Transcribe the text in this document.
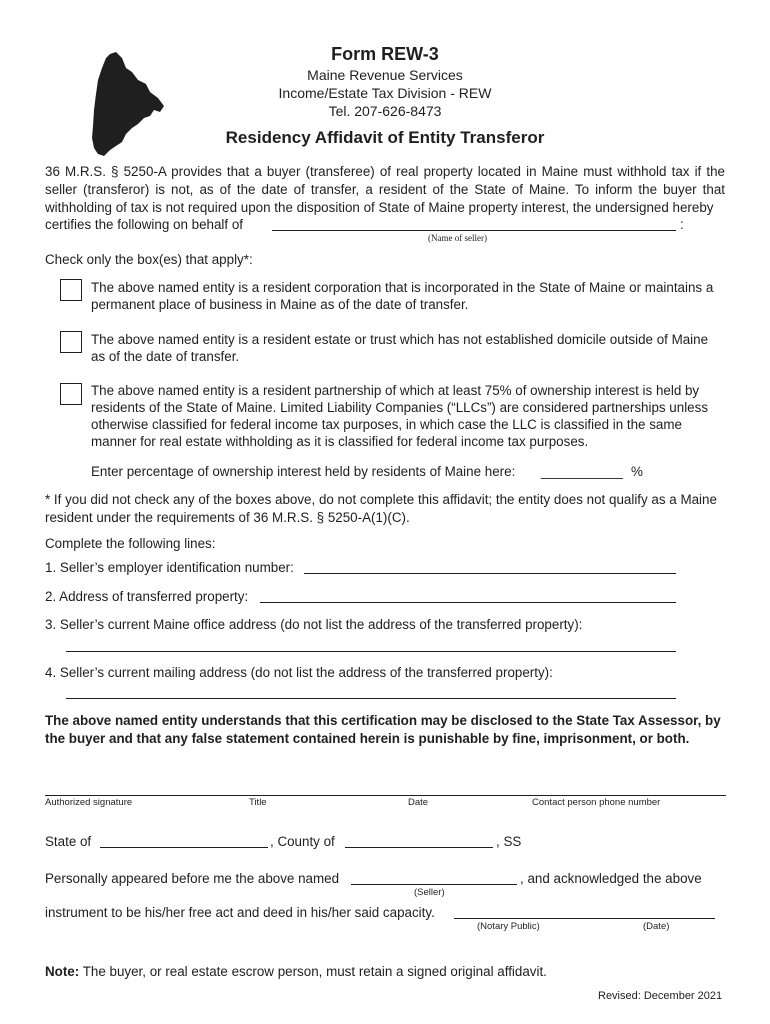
Form REW-3
Maine Revenue Services
Income/Estate Tax Division - REW
Tel. 207-626-8473
Residency Affidavit of Entity Transferor
36 M.R.S. § 5250-A provides that a buyer (transferee) of real property located in Maine must withhold tax if the seller (transferor) is not, as of the date of transfer, a resident of the State of Maine. To inform the buyer that withholding of tax is not required upon the disposition of State of Maine property interest, the undersigned hereby
certifies the following on behalf of	:
(Name of seller)
Check only the box(es) that apply*:
The above named entity is a resident corporation that is incorporated in the State of Maine or maintains a permanent place of business in Maine as of the date of transfer.
The above named entity is a resident estate or trust which has not established domicile outside of Maine as of the date of transfer.
The above named entity is a resident partnership of which at least 75% of ownership interest is held by residents of the State of Maine. Limited Liability Companies (“LLCs”) are considered partnerships unless otherwise classified for federal income tax purposes, in which case the LLC is classified in the same manner for real estate withholding as it is classified for federal income tax purposes.
Enter percentage of ownership interest held by residents of Maine here: ___________ %
* If you did not check any of the boxes above, do not complete this affidavit; the entity does not qualify as a Maine resident under the requirements of 36 M.R.S. § 5250-A(1)(C).
Complete the following lines:
1. Seller’s employer identification number:
2. Address of transferred property:
3. Seller’s current Maine office address (do not list the address of the transferred property):
4. Seller’s current mailing address (do not list the address of the transferred property):
The above named entity understands that this certification may be disclosed to the State Tax Assessor, by the buyer and that any false statement contained herein is punishable by fine, imprisonment, or both.
Authorized signature	Title	Date	Contact person phone number
State of	, County of	, SS
Personally appeared before me the above named	, and acknowledged the above
(Seller)
instrument to be his/her free act and deed in his/her said capacity.
(Notary Public)	(Date)
Note: The buyer, or real estate escrow person, must retain a signed original affidavit.
Revised: December 2021
